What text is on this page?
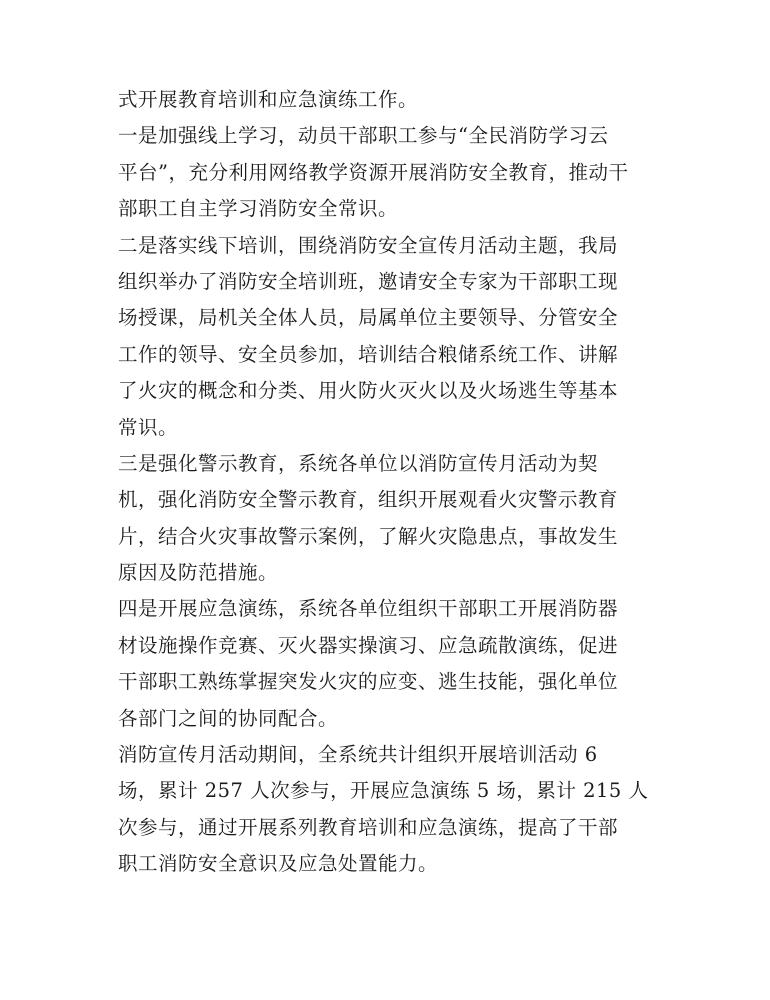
式开展教育培训和应急演练工作。
一是加强线上学习，动员干部职工参与“全民消防学习云
平台”，充分利用网络教学资源开展消防安全教育，推动干
部职工自主学习消防安全常识。
二是落实线下培训，围绕消防安全宣传月活动主题，我局
组织举办了消防安全培训班，邀请安全专家为干部职工现
场授课，局机关全体人员，局属单位主要领导、分管安全
工作的领导、安全员参加，培训结合粮储系统工作、讲解
了火灾的概念和分类、用火防火灭火以及火场逃生等基本
常识。
三是强化警示教育，系统各单位以消防宣传月活动为契
机，强化消防安全警示教育，组织开展观看火灾警示教育
片，结合火灾事故警示案例，了解火灾隐患点，事故发生
原因及防范措施。
四是开展应急演练，系统各单位组织干部职工开展消防器
材设施操作竞赛、灭火器实操演习、应急疏散演练，促进
干部职工熟练掌握突发火灾的应变、逃生技能，强化单位
各部门之间的协同配合。
消防宣传月活动期间，全系统共计组织开展培训活动 6
场，累计 257 人次参与，开展应急演练 5 场，累计 215 人
次参与，通过开展系列教育培训和应急演练，提高了干部
职工消防安全意识及应急处置能力。
